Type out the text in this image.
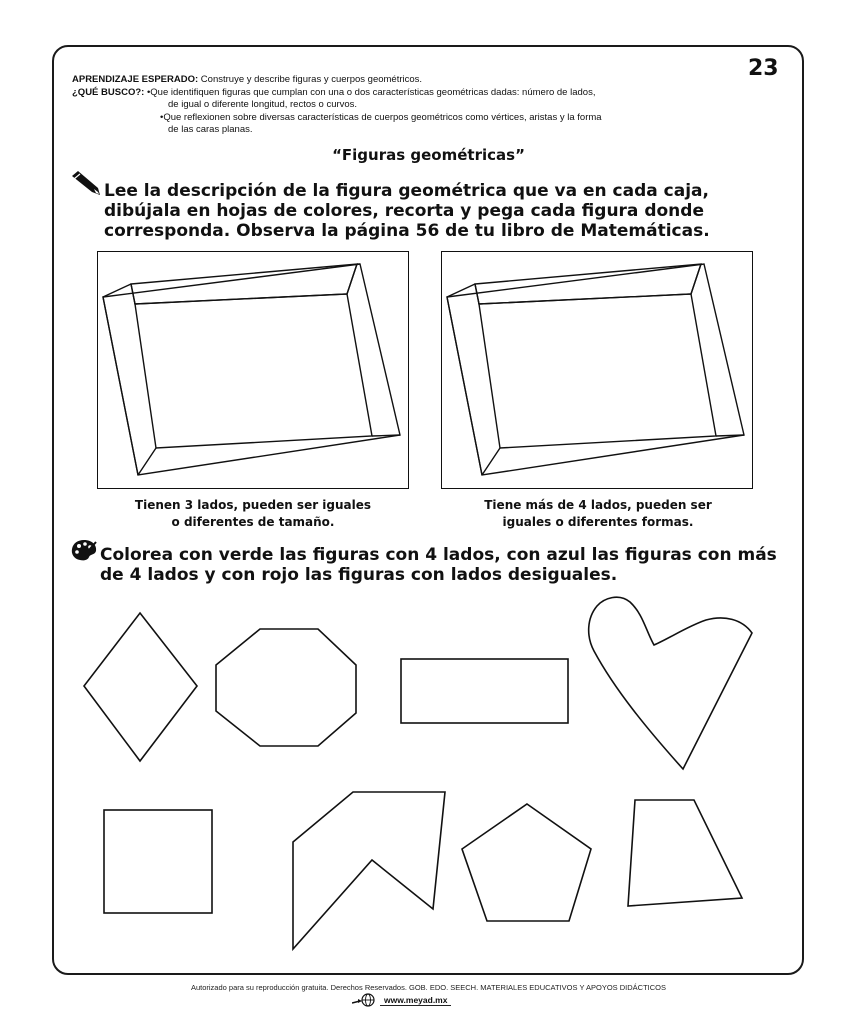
23
APRENDIZAJE ESPERADO: Construye y describe figuras y cuerpos geométricos.
¿QUÉ BUSCO?: •Que identifiquen figuras que cumplan con una o dos características geométricas dadas: número de lados,
de igual o diferente longitud, rectos o curvos.
•Que reflexionen sobre diversas características de cuerpos geométricos como vértices, aristas y la forma
de las caras planas.
“Figuras geométricas”
Lee la descripción de la figura geométrica que va en cada caja, dibújala en hojas de colores, recorta y pega cada figura donde corresponda. Observa la página 56 de tu libro de Matemáticas.
Tienen 3 lados, pueden ser iguales
o diferentes de tamaño.
Tiene más de 4 lados, pueden ser
iguales o diferentes formas.
Colorea con verde las figuras con 4 lados, con azul las figuras con más de 4 lados y con rojo las figuras con lados desiguales.
Autorizado para su reproducción gratuita. Derechos Reservados. GOB. EDO. SEECH. MATERIALES EDUCATIVOS Y APOYOS DIDÁCTICOS
www.meyad.mx
